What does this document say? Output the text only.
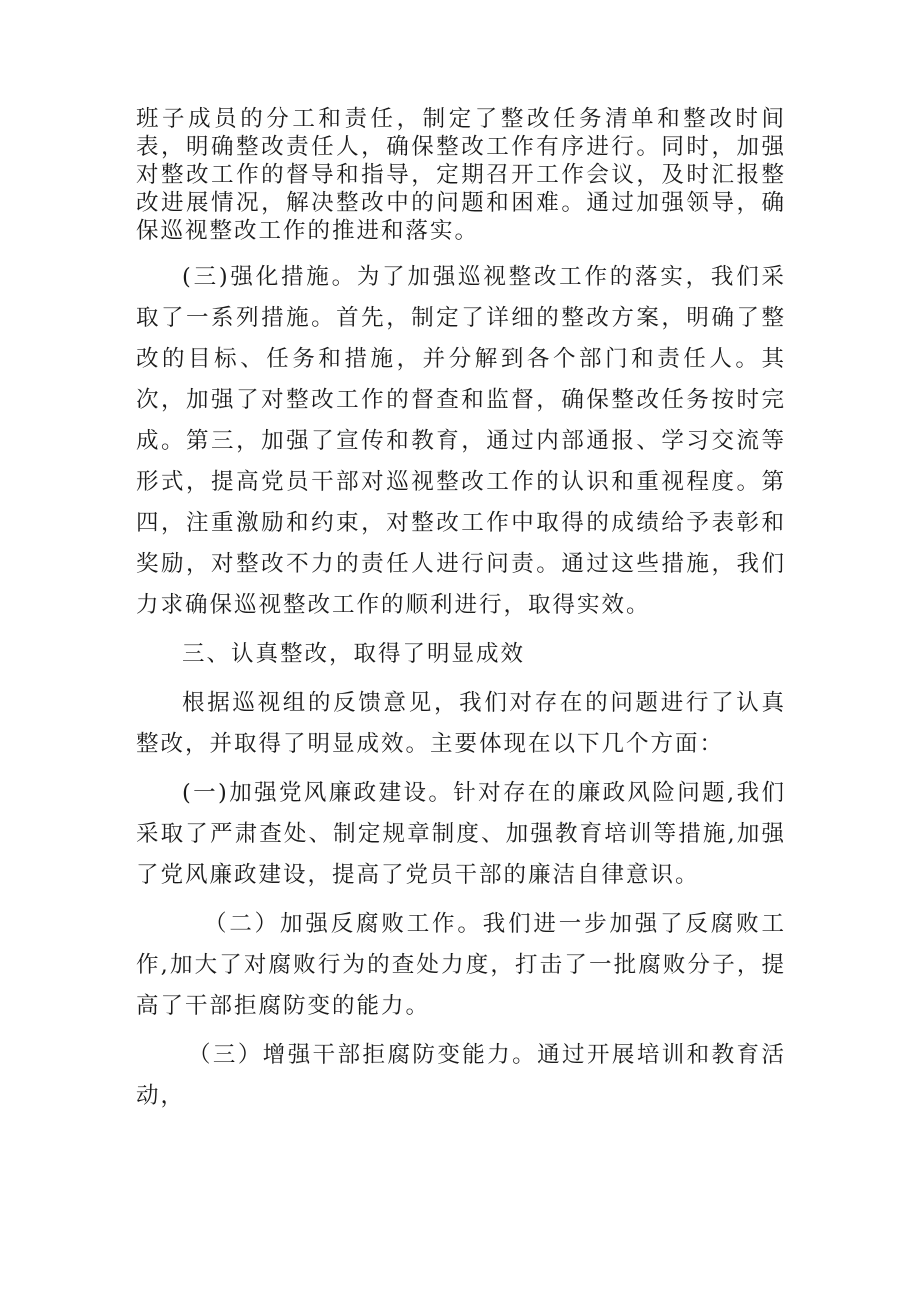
班子成员的分工和责任，制定了整改任务清单和整改时间表，明确整改责任人，确保整改工作有序进行。同时，加强对整改工作的督导和指导，定期召开工作会议，及时汇报整改进展情况，解决整改中的问题和困难。通过加强领导，确保巡视整改工作的推进和落实。

(三)强化措施。为了加强巡视整改工作的落实，我们采取了一系列措施。首先，制定了详细的整改方案，明确了整改的目标、任务和措施，并分解到各个部门和责任人。其次，加强了对整改工作的督查和监督，确保整改任务按时完成。第三，加强了宣传和教育，通过内部通报、学习交流等形式，提高党员干部对巡视整改工作的认识和重视程度。第四，注重激励和约束，对整改工作中取得的成绩给予表彰和奖励，对整改不力的责任人进行问责。通过这些措施，我们力求确保巡视整改工作的顺利进行，取得实效。

三、认真整改，取得了明显成效

根据巡视组的反馈意见，我们对存在的问题进行了认真整改，并取得了明显成效。主要体现在以下几个方面：

(一)加强党风廉政建设。针对存在的廉政风险问题,我们采取了严肃查处、制定规章制度、加强教育培训等措施,加强了党风廉政建设，提高了党员干部的廉洁自律意识。

（二）加强反腐败工作。我们进一步加强了反腐败工作,加大了对腐败行为的查处力度，打击了一批腐败分子，提高了干部拒腐防变的能力。

（三）增强干部拒腐防变能力。通过开展培训和教育活动，
